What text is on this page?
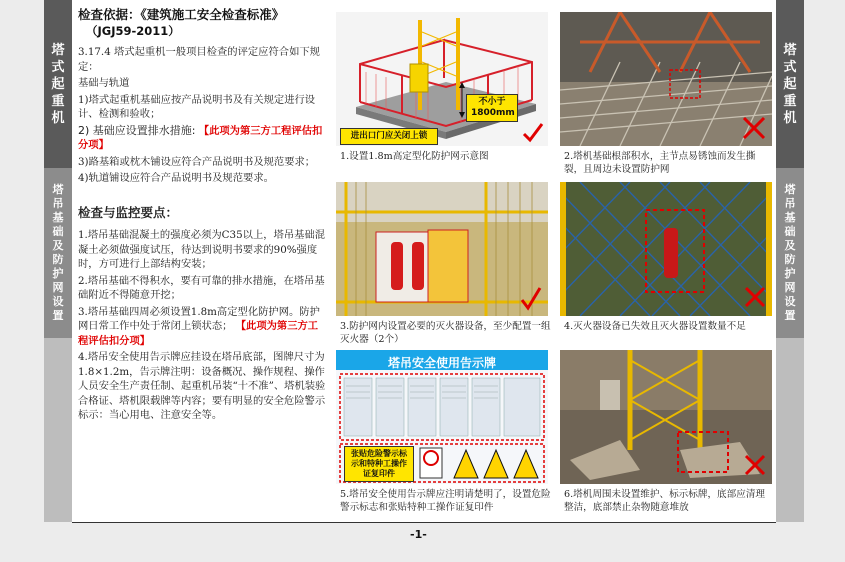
塔式起重机
塔吊基础及防护网设置
塔式起重机
塔吊基础及防护网设置
检查依据：《建筑施工安全检查标准》
（JGJ59-2011）
3.17.4 塔式起重机一般项目检查的评定应符合如下规定：
基础与轨道
1)塔式起重机基础应按产品说明书及有关规定进行设计、检测和验收；
2) 基础应设置排水措施: 【此项为第三方工程评估扣分项】
3)路基箱或枕木铺设应符合产品说明书及规范要求；
4)轨道铺设应符合产品说明书及规范要求。
检查与监控要点：
1.塔吊基础混凝土的强度必须为C35以上，塔吊基础混凝土必须做强度试压，待达到说明书要求的90%强度时，方可进行上部结构安装；
2.塔吊基础不得积水，要有可靠的排水措施，在塔吊基础附近不得随意开挖；
3.塔吊基础四周必须设置1.8m高定型化防护网。防护网日常工作中处于常闭上锁状态； 【此项为第三方工程评估扣分项】
4.塔吊安全使用告示牌应挂设在塔吊底部，图牌尺寸为1.8×1.2m，告示牌注明：设备概况、操作规程、操作人员安全生产责任制、起重机吊装“十不准”、塔机装验合格证、塔机限载牌等内容；要有明显的安全危险警示标示：当心用电、注意安全等。
不小于1800mm
进出口门应关闭上锁
1.设置1.8m高定型化防护网示意图	2.塔机基础根部积水，主节点易锈蚀而发生撕裂，且周边未设置防护网
3.防护网内设置必要的灭火器设备，至少配置一组灭火器（2个）
4.灭火器设备已失效且灭火器设置数量不足
塔吊安全使用告示牌
张贴危险警示标示和特种工操作证复印件
5.塔吊安全使用告示牌应注明请楚明了，设置危险警示标志和张贴特种工操作证复印件
6.塔机周围未设置维护、标示标牌，底部应清理整洁，底部禁止杂物随意堆放
-1-
